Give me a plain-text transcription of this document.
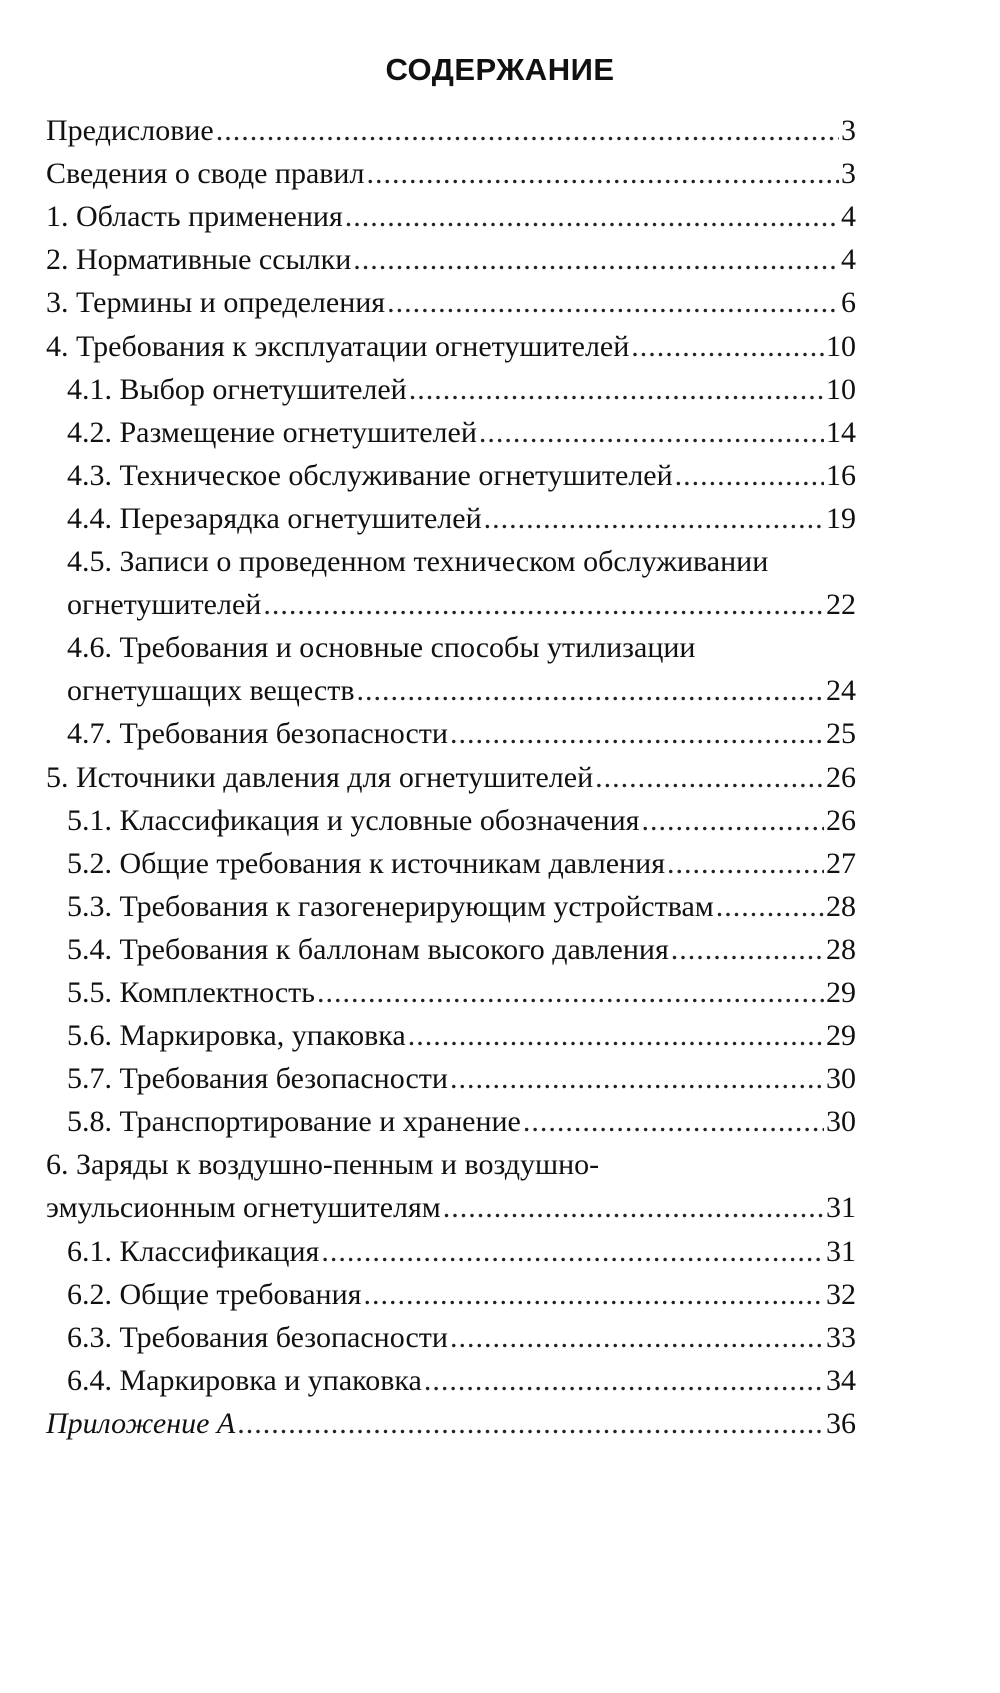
СОДЕРЖАНИЕ
Предисловие .....	3
Сведения о своде правил .....	3
1. Область применения .....	4
2. Нормативные ссылки .....	4
3. Термины и определения .....	6
4. Требования к эксплуатации огнетушителей .....	10
4.1. Выбор огнетушителей .....	10
4.2. Размещение огнетушителей .....	14
4.3. Техническое обслуживание огнетушителей .....	16
4.4. Перезарядка огнетушителей .....	19
4.5. Записи о проведенном техническом обслуживании
огнетушителей .....	22
4.6. Требования и основные способы утилизации
огнетушащих веществ .....	24
4.7. Требования безопасности .....	25
5. Источники давления для огнетушителей .....	26
5.1. Классификация и условные обозначения .....	26
5.2. Общие требования к источникам давления .....	27
5.3. Требования к газогенерирующим устройствам .....	28
5.4. Требования к баллонам высокого давления .....	28
5.5. Комплектность .....	29
5.6. Маркировка, упаковка .....	29
5.7. Требования безопасности .....	30
5.8. Транспортирование и хранение .....	30
6. Заряды к воздушно-пенным и воздушно-
эмульсионным огнетушителям .....	31
6.1. Классификация .....	31
6.2. Общие требования .....	32
6.3. Требования безопасности .....	33
6.4. Маркировка и упаковка .....	34
Приложение А .....	36
